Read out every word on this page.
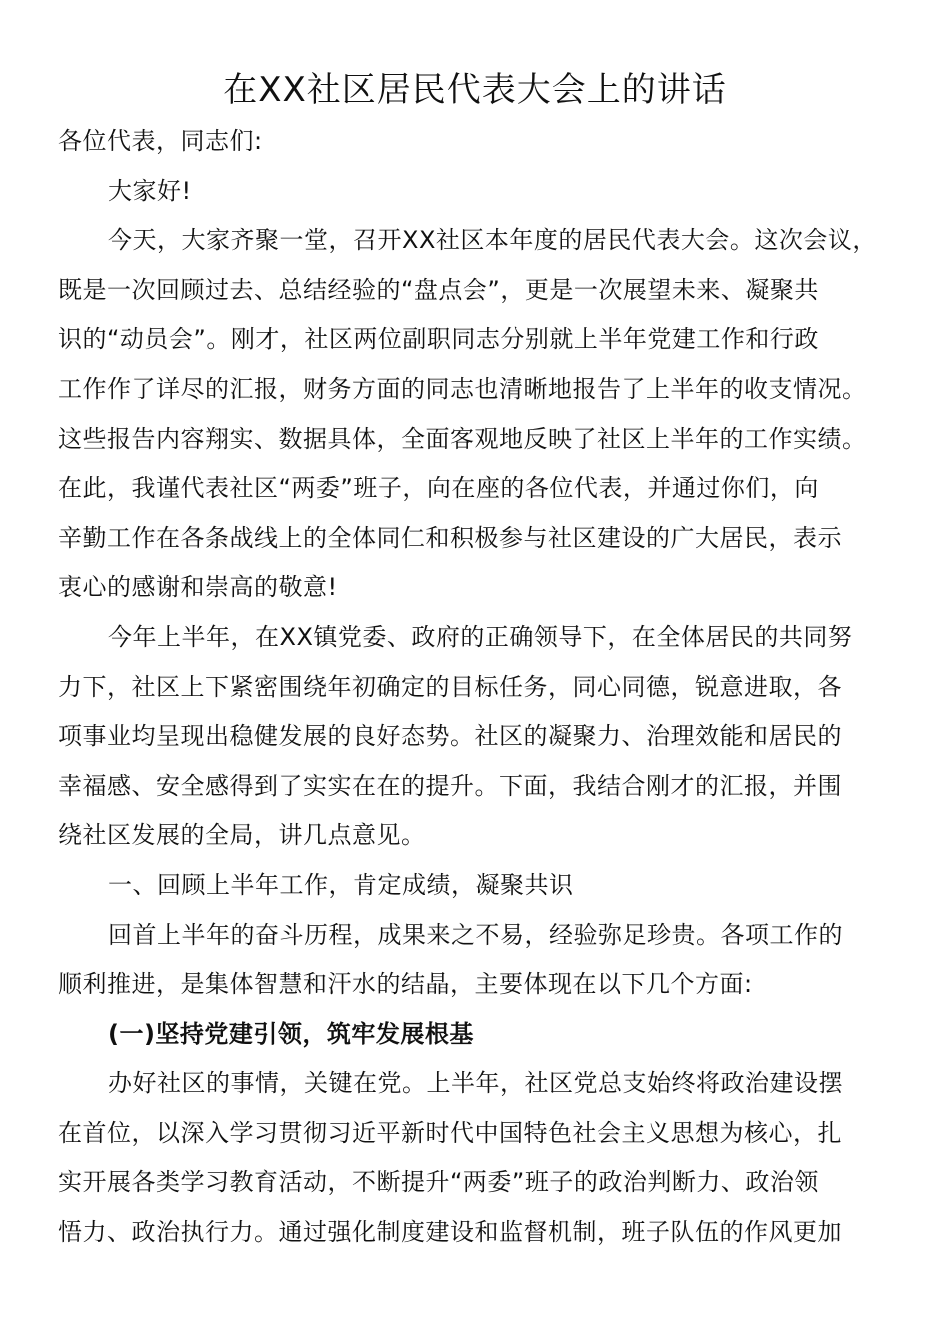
在XX社区居民代表大会上的讲话
各位代表，同志们:
大家好!
今天，大家齐聚一堂，召开XX社区本年度的居民代表大会。这次会议，
既是一次回顾过去、总结经验的“盘点会”，更是一次展望未来、凝聚共
识的“动员会”。刚才，社区两位副职同志分别就上半年党建工作和行政
工作作了详尽的汇报，财务方面的同志也清晰地报告了上半年的收支情况。
这些报告内容翔实、数据具体，全面客观地反映了社区上半年的工作实绩。
在此，我谨代表社区“两委”班子，向在座的各位代表，并通过你们，向
辛勤工作在各条战线上的全体同仁和积极参与社区建设的广大居民，表示
衷心的感谢和崇高的敬意!
今年上半年，在XX镇党委、政府的正确领导下，在全体居民的共同努
力下，社区上下紧密围绕年初确定的目标任务，同心同德，锐意进取，各
项事业均呈现出稳健发展的良好态势。社区的凝聚力、治理效能和居民的
幸福感、安全感得到了实实在在的提升。下面，我结合刚才的汇报，并围
绕社区发展的全局，讲几点意见。
一、回顾上半年工作，肯定成绩，凝聚共识
回首上半年的奋斗历程，成果来之不易，经验弥足珍贵。各项工作的
顺利推进，是集体智慧和汗水的结晶，主要体现在以下几个方面:
(一)坚持党建引领，筑牢发展根基
办好社区的事情，关键在党。上半年，社区党总支始终将政治建设摆
在首位，以深入学习贯彻习近平新时代中国特色社会主义思想为核心，扎
实开展各类学习教育活动，不断提升“两委”班子的政治判断力、政治领
悟力、政治执行力。通过强化制度建设和监督机制，班子队伍的作风更加
